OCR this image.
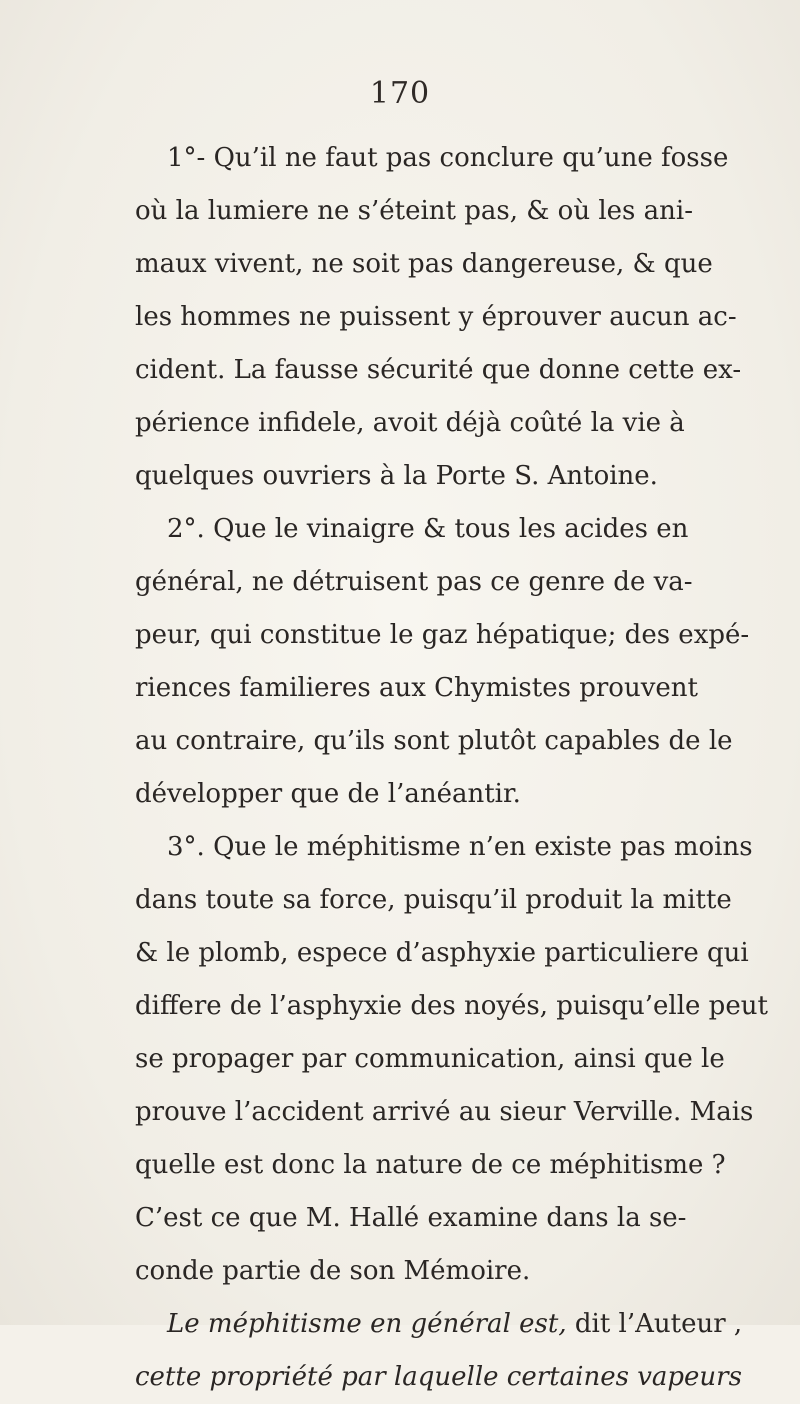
170
1°- Qu’il ne faut pas conclure qu’une fosse
où la lumiere ne s’éteint pas, & où les ani-
maux vivent, ne soit pas dangereuse, & que
les hommes ne puissent y éprouver aucun ac-
cident. La fausse sécurité que donne cette ex-
périence infidele, avoit déjà coûté la vie à
quelques ouvriers à la Porte S. Antoine.
2°. Que le vinaigre & tous les acides en
général, ne détruisent pas ce genre de va-
peur, qui constitue le gaz hépatique; des expé-
riences familieres aux Chymistes prouvent
au contraire, qu’ils sont plutôt capables de le
développer que de l’anéantir.
3°. Que le méphitisme n’en existe pas moins
dans toute sa force, puisqu’il produit la mitte
& le plomb, espece d’asphyxie particuliere qui
differe de l’asphyxie des noyés, puisqu’elle peut
se propager par communication, ainsi que le
prouve l’accident arrivé au sieur Verville. Mais
quelle est donc la nature de ce méphitisme ?
C’est ce que M. Hallé examine dans la se-
conde partie de son Mémoire.
Le méphitisme en général est, dit l’Auteur ,
cette propriété par laquelle certaines vapeurs
